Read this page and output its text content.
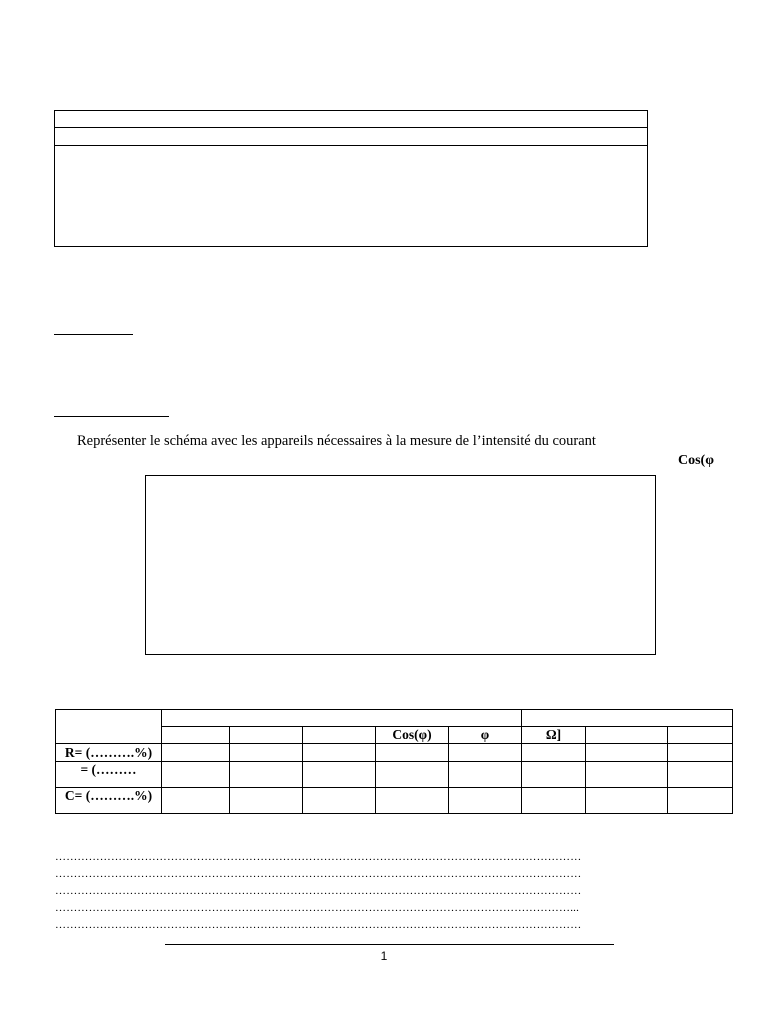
Représenter le schéma avec les appareils nécessaires à la mesure de l’intensité du courant
Cos(φ

				Cos(φ)	φ	Ω]		
R= (……….%)								
= (………								
C= (……….%)								
……………………………………………………………………………………………………………………………
……………………………………………………………………………………………………………………………
……………………………………………………………………………………………………………………………
…………………………………………………………………………………………………………………………...
……………………………………………………………………………………………………………………………
1
